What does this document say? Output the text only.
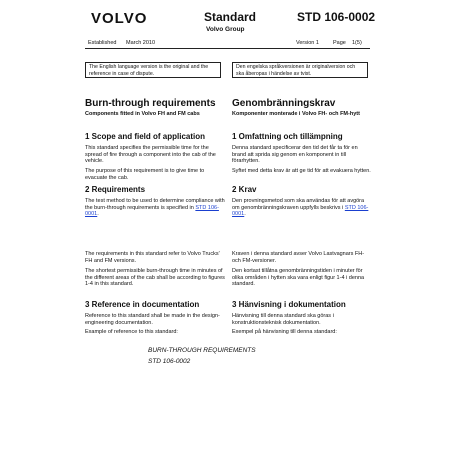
VOLVO	Standard
Volvo Group
STD 106-0002
Established March 2010	Version 1	Page 1(5)
The English language version is the original and the reference in case of dispute.
Den engelska språkversionen är originalversion och ska åberopas i händelse av tvist.
Burn-through requirements
Components fitted in Volvo FH and FM cabs
1 Scope and field of application
This standard specifies the permissible time for the spread of fire through a component into the cab of the vehicle.
The purpose of this requirement is to give time to evacuate the cab.
2 Requirements
The test method to be used to determine compliance with the burn-through requirements is specified in STD 106-0001.
The requirements in this standard refer to Volvo Trucks' FH and FM versions.
The shortest permissible burn-through time in minutes of the different areas of the cab shall be according to figures 1-4 in this standard.
3 Reference in documentation
Reference to this standard shall be made in the design-engineering documentation.
Example of reference to this standard:
Genombränningskrav
Komponenter monterade i Volvo FH- och FM-hytt
1 Omfattning och tillämpning
Denna standard specificerar den tid det får ta för en brand att sprida sig genom en komponent in till förarhytten.
Syftet med detta krav är att ge tid för att evakuera hytten.
2 Krav
Den provningsmetod som ska användas för att avgöra om genombränningskraven uppfylls beskrivs i STD 106-0001.
Kraven i denna standard avser Volvo Lastvagnars FH- och FM-versioner.
Den kortast tillåtna genombränningstiden i minuter för olika områden i hytten ska vara enligt figur 1-4 i denna standard.
3 Hänvisning i dokumentation
Hänvisning till denna standard ska göras i konstruktionsteknisk dokumentation.
Exempel på hänvisning till denna standard:
BURN-THROUGH REQUIREMENTS
STD 106-0002
